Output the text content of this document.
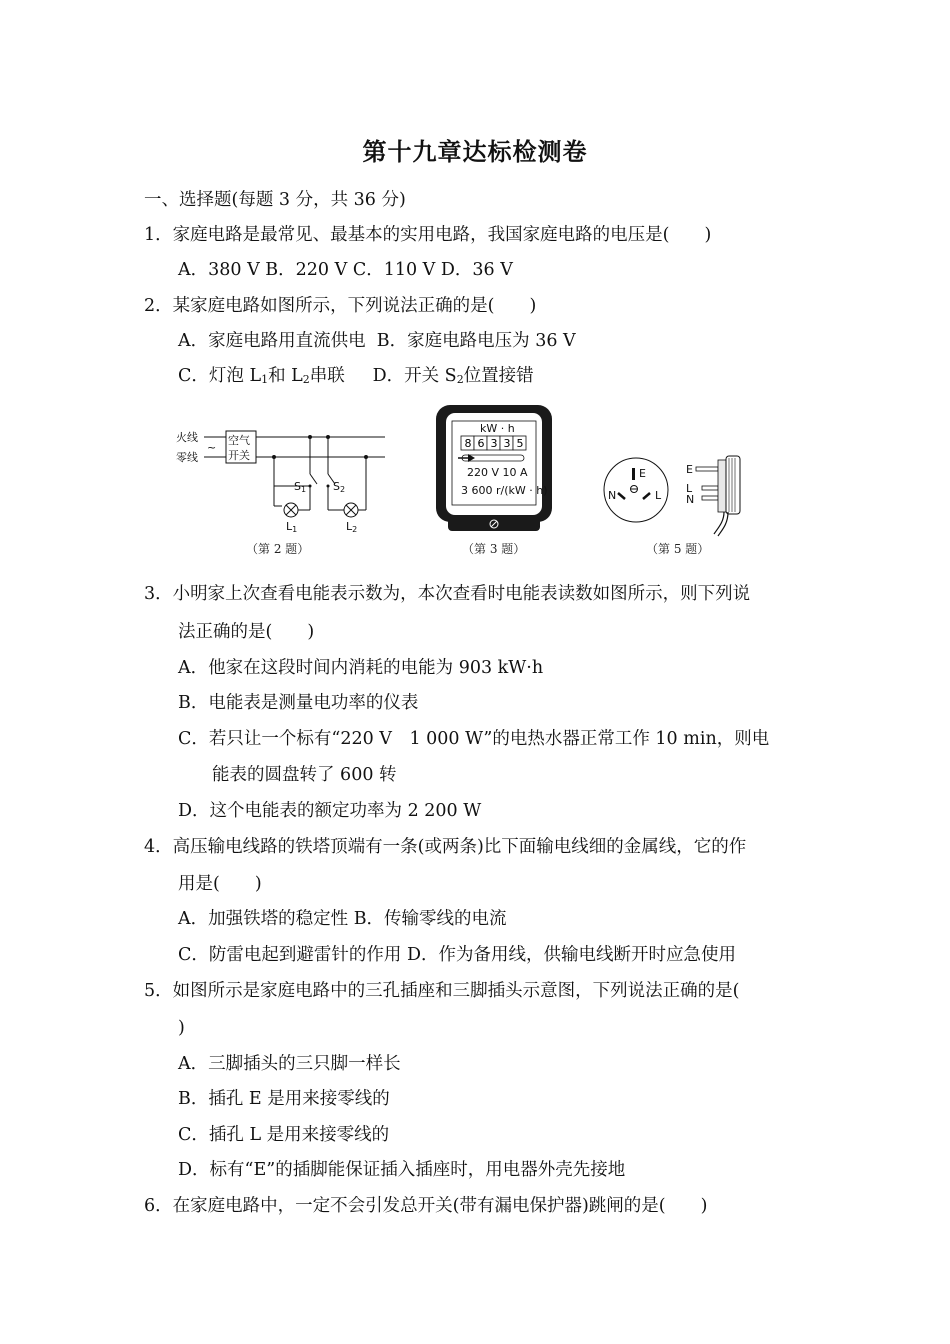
第十九章达标检测卷
一、选择题(每题 3 分，共 36 分)
1．家庭电路是最常见、最基本的实用电路，我国家庭电路的电压是(　　)
A．380 V B．220 V C．110 V D．36 V
2．某家庭电路如图所示，下列说法正确的是(　　)
A．家庭电路用直流供电 B．家庭电路电压为 36 V
C．灯泡 $L_1$和 $L_2$串联 D．开关 $S_2$位置接错
火线
零线
~
空气
开关
S1
L1
S2
L2
（第 2 题）
kW · h
8 6 3 3 5
220 V 10 A
3 600 r/(kW · h)
（第 3 题）
E
N	L
E
L
N
（第 5 题）
3．小明家上次查看电能表示数为，本次查看时电能表读数如图所示，则下列说
法正确的是(　　)
A．他家在这段时间内消耗的电能为 903 kW·h
B．电能表是测量电功率的仪表
C．若只让一个标有“220 V　1 000 W”的电热水器正常工作 10 min，则电
能表的圆盘转了 600 转
D．这个电能表的额定功率为 2 200 W
4．高压输电线路的铁塔顶端有一条(或两条)比下面输电线细的金属线，它的作
用是(　　)
A．加强铁塔的稳定性 B．传输零线的电流
C．防雷电起到避雷针的作用 D．作为备用线，供输电线断开时应急使用
5．如图所示是家庭电路中的三孔插座和三脚插头示意图，下列说法正确的是(
)
A．三脚插头的三只脚一样长
B．插孔 E 是用来接零线的
C．插孔 L 是用来接零线的
D．标有“E”的插脚能保证插入插座时，用电器外壳先接地
6．在家庭电路中，一定不会引发总开关(带有漏电保护器)跳闸的是(　　)
